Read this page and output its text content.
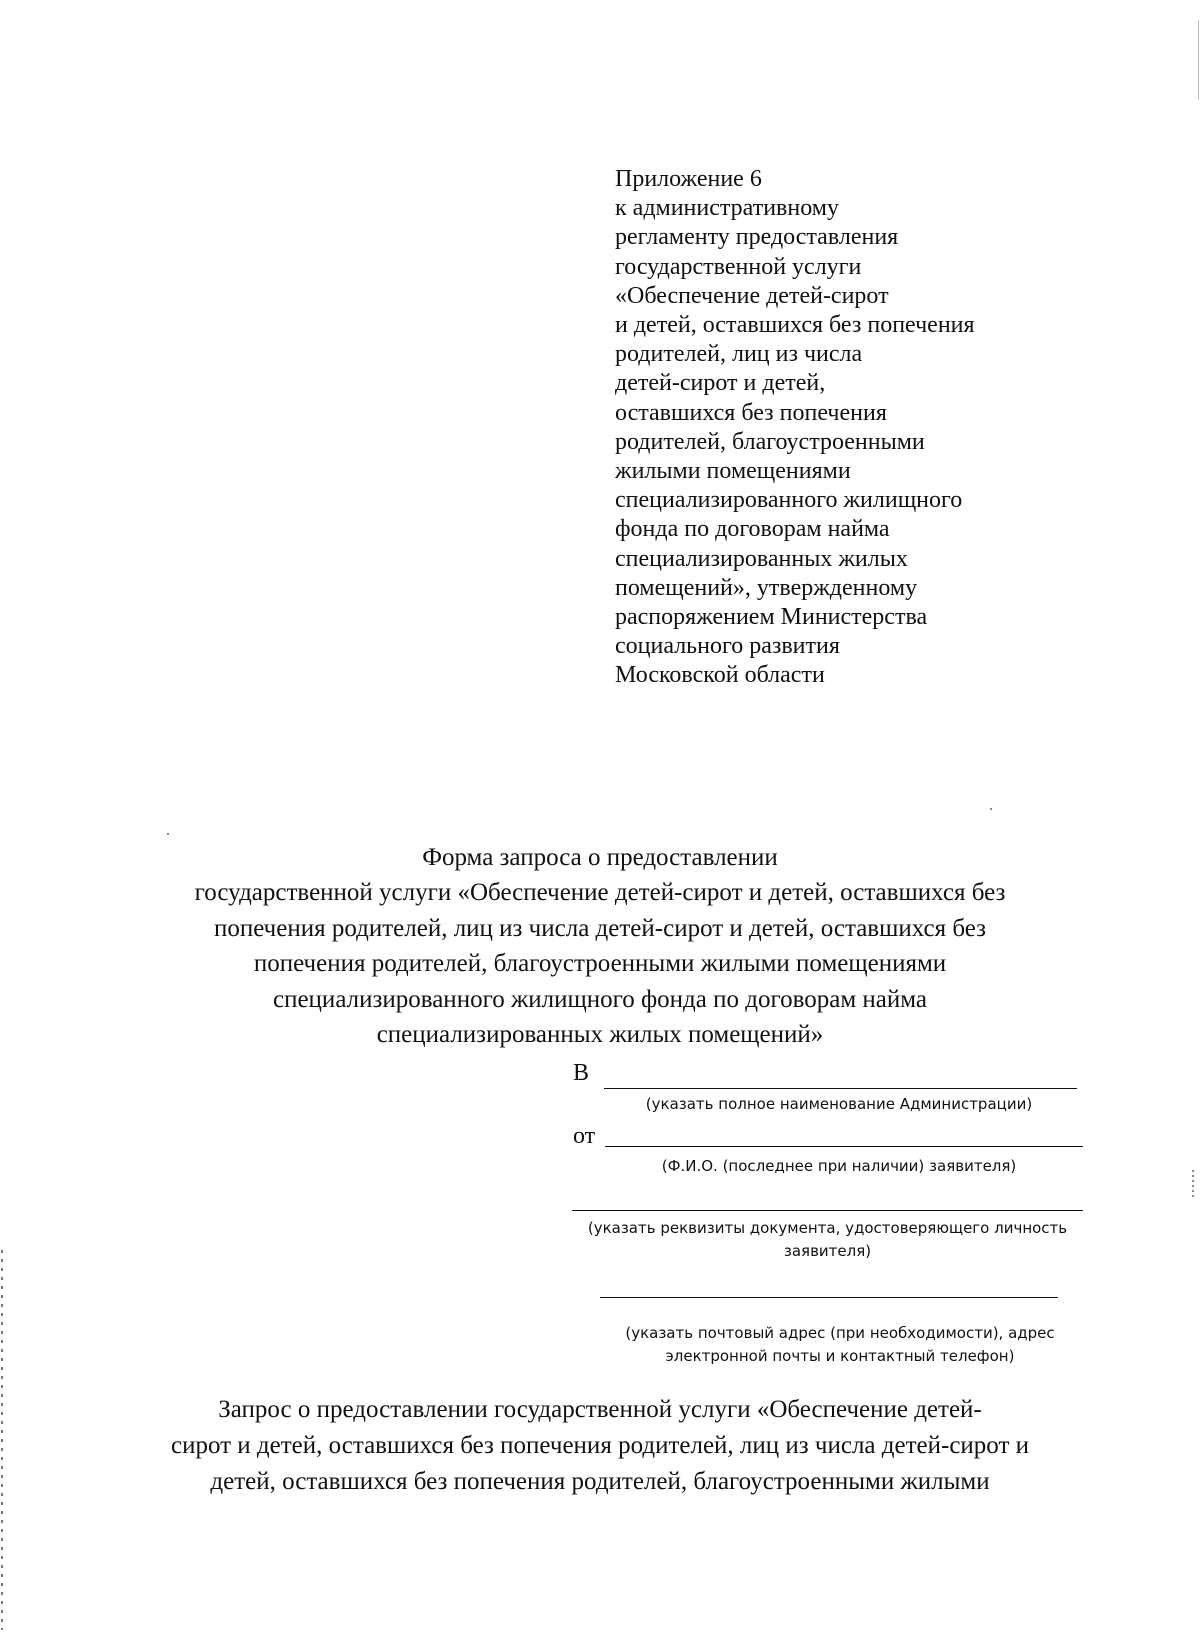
Приложение 6
к административному
регламенту предоставления
государственной услуги
«Обеспечение детей-сирот
и детей, оставшихся без попечения
родителей, лиц из числа
детей-сирот и детей,
оставшихся без попечения
родителей, благоустроенными
жилыми помещениями
специализированного жилищного
фонда по договорам найма
специализированных жилых
помещений», утвержденному
распоряжением Министерства
социального развития
Московской области
Форма запроса о предоставлении
государственной услуги «Обеспечение детей-сирот и детей, оставшихся без
попечения родителей, лиц из числа детей-сирот и детей, оставшихся без
попечения родителей, благоустроенными жилыми помещениями
специализированного жилищного фонда по договорам найма
специализированных жилых помещений»
В
(указать полное наименование Администрации)
от
(Ф.И.О. (последнее при наличии) заявителя)
(указать реквизиты документа, удостоверяющего личность
заявителя)
(указать почтовый адрес (при необходимости), адрес
электронной почты и контактный телефон)
Запрос о предоставлении государственной услуги «Обеспечение детей-
сирот и детей, оставшихся без попечения родителей, лиц из числа детей-сирот и
детей, оставшихся без попечения родителей, благоустроенными жилыми
